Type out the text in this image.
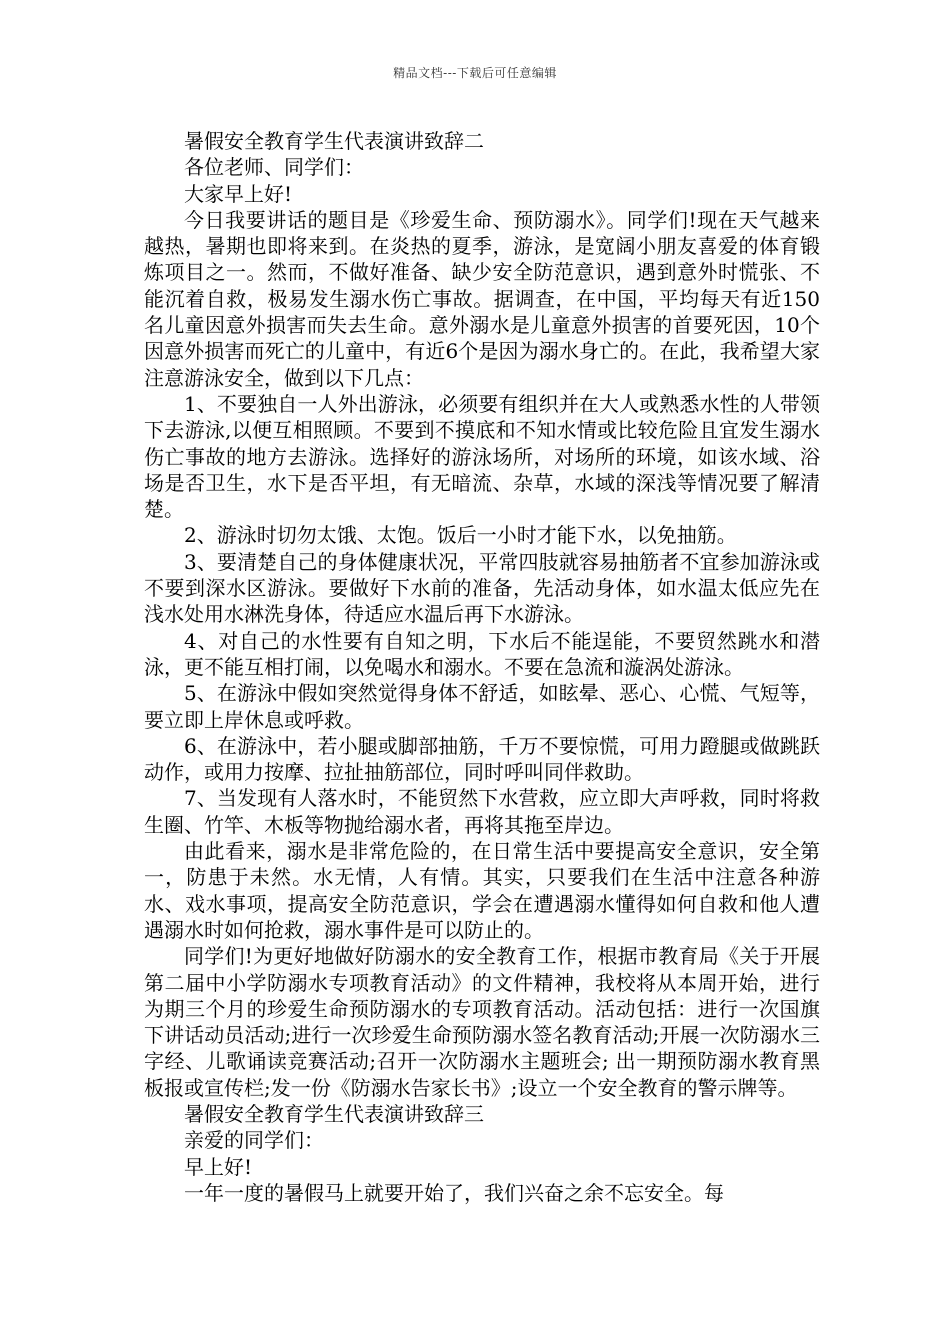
精品文档---下载后可任意编辑

暑假安全教育学生代表演讲致辞二

各位老师、同学们：

大家早上好!

今日我要讲话的题目是《珍爱生命、预防溺水》。同学们!现在天气越来越热，暑期也即将来到。在炎热的夏季，游泳，是宽阔小朋友喜爱的体育锻炼项目之一。然而，不做好准备、缺少安全防范意识，遇到意外时慌张、不能沉着自救，极易发生溺水伤亡事故。据调查，在中国，平均每天有近150名儿童因意外损害而失去生命。意外溺水是儿童意外损害的首要死因，10个因意外损害而死亡的儿童中，有近6个是因为溺水身亡的。在此，我希望大家注意游泳安全，做到以下几点：

1、不要独自一人外出游泳，必须要有组织并在大人或熟悉水性的人带领下去游泳,以便互相照顾。不要到不摸底和不知水情或比较危险且宜发生溺水伤亡事故的地方去游泳。选择好的游泳场所，对场所的环境，如该水域、浴场是否卫生，水下是否平坦，有无暗流、杂草，水域的深浅等情况要了解清楚。

2、游泳时切勿太饿、太饱。饭后一小时才能下水，以免抽筋。

3、要清楚自己的身体健康状况，平常四肢就容易抽筋者不宜参加游泳或不要到深水区游泳。要做好下水前的准备，先活动身体，如水温太低应先在浅水处用水淋洗身体，待适应水温后再下水游泳。

4、对自己的水性要有自知之明，下水后不能逞能，不要贸然跳水和潜泳，更不能互相打闹，以免喝水和溺水。不要在急流和漩涡处游泳。

5、在游泳中假如突然觉得身体不舒适，如眩晕、恶心、心慌、气短等，要立即上岸休息或呼救。

6、在游泳中，若小腿或脚部抽筋，千万不要惊慌，可用力蹬腿或做跳跃动作，或用力按摩、拉扯抽筋部位，同时呼叫同伴救助。

7、当发现有人落水时，不能贸然下水营救，应立即大声呼救，同时将救生圈、竹竿、木板等物抛给溺水者，再将其拖至岸边。

由此看来，溺水是非常危险的，在日常生活中要提高安全意识，安全第一，防患于未然。水无情，人有情。其实，只要我们在生活中注意各种游水、戏水事项，提高安全防范意识，学会在遭遇溺水懂得如何自救和他人遭遇溺水时如何抢救，溺水事件是可以防止的。

同学们!为更好地做好防溺水的安全教育工作，根据市教育局《关于开展第二届中小学防溺水专项教育活动》的文件精神，我校将从本周开始，进行为期三个月的珍爱生命预防溺水的专项教育活动。活动包括：进行一次国旗下讲话动员活动;进行一次珍爱生命预防溺水签名教育活动;开展一次防溺水三字经、儿歌诵读竞赛活动;召开一次防溺水主题班会; 出一期预防溺水教育黑板报或宣传栏;发一份《防溺水告家长书》;设立一个安全教育的警示牌等。

暑假安全教育学生代表演讲致辞三

亲爱的同学们：

早上好!

一年一度的暑假马上就要开始了，我们兴奋之余不忘安全。每
